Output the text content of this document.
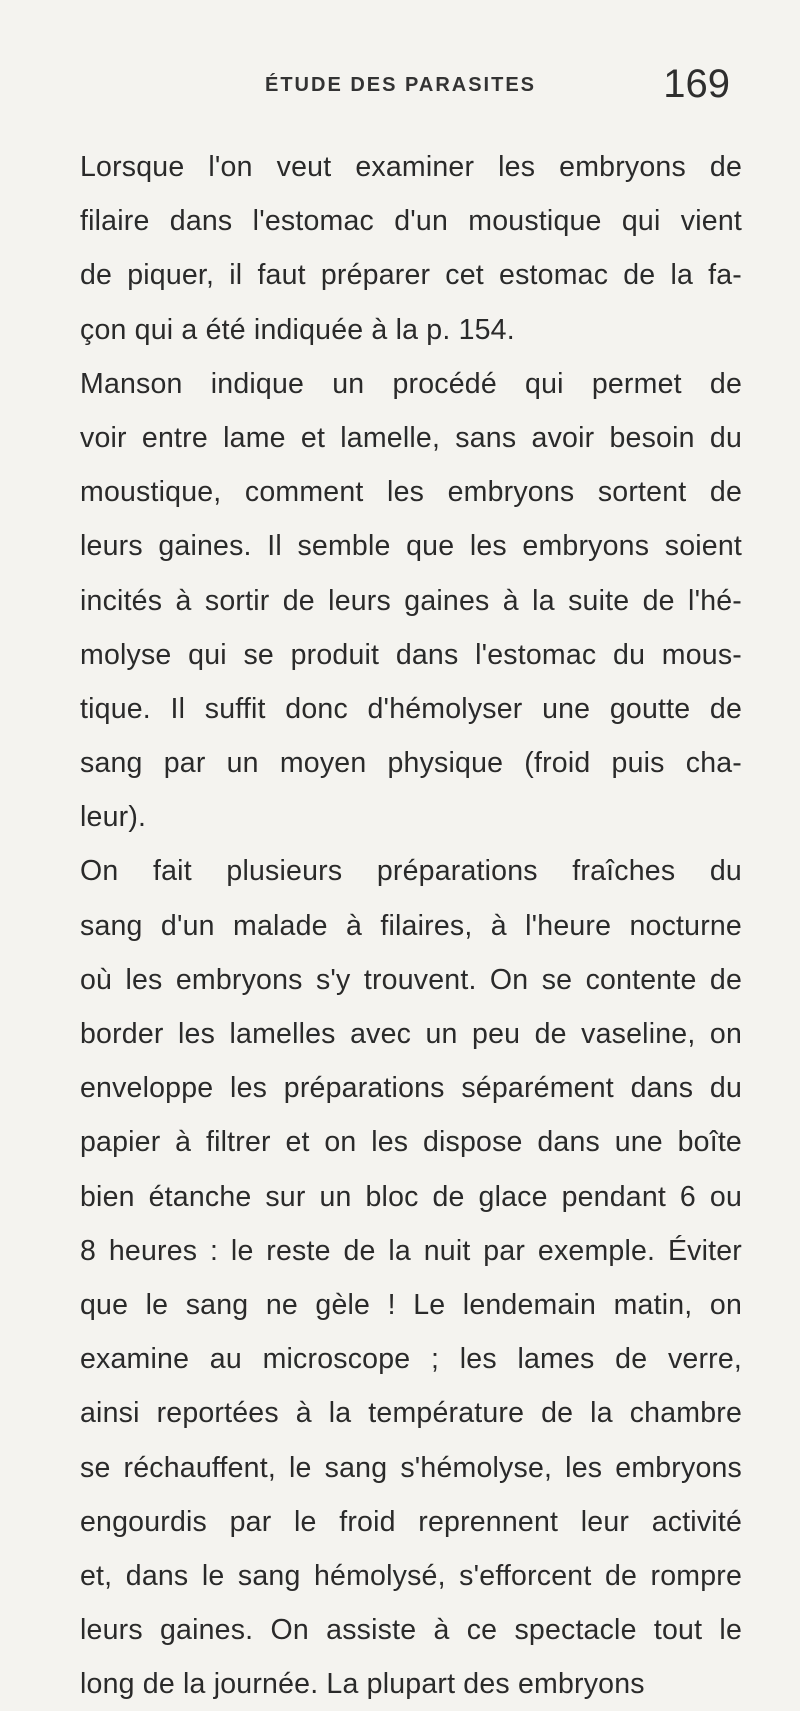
ÉTUDE DES PARASITES	169
Lorsque l'on veut examiner les embryons de
filaire dans l'estomac d'un moustique qui vient
de piquer, il faut préparer cet estomac de la fa-
çon qui a été indiquée à la p. 154.
Manson indique un procédé qui permet de
voir entre lame et lamelle, sans avoir besoin du
moustique, comment les embryons sortent de
leurs gaines. Il semble que les embryons soient
incités à sortir de leurs gaines à la suite de l'hé-
molyse qui se produit dans l'estomac du mous-
tique. Il suffit donc d'hémolyser une goutte de
sang par un moyen physique (froid puis cha-
leur).
On fait plusieurs préparations fraîches du
sang d'un malade à filaires, à l'heure nocturne
où les embryons s'y trouvent. On se contente de
border les lamelles avec un peu de vaseline, on
enveloppe les préparations séparément dans du
papier à filtrer et on les dispose dans une boîte
bien étanche sur un bloc de glace pendant 6 ou
8 heures : le reste de la nuit par exemple. Éviter
que le sang ne gèle ! Le lendemain matin, on
examine au microscope ; les lames de verre,
ainsi reportées à la température de la chambre
se réchauffent, le sang s'hémolyse, les embryons
engourdis par le froid reprennent leur activité
et, dans le sang hémolysé, s'efforcent de rompre
leurs gaines. On assiste à ce spectacle tout le
long de la journée. La plupart des embryons
